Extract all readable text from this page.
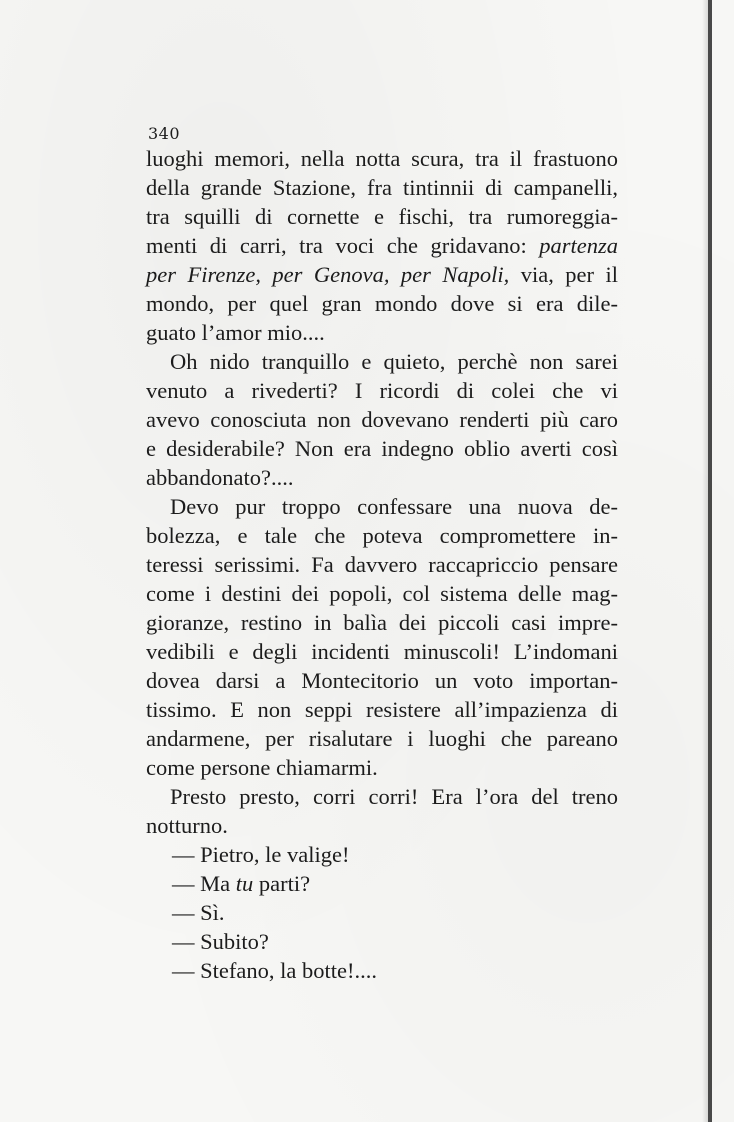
340
luoghi memori, nella notta scura, tra il frastuono
della grande Stazione, fra tintinnii di campanelli,
tra squilli di cornette e fischi, tra rumoreggia-
menti di carri, tra voci che gridavano: partenza
per Firenze, per Genova, per Napoli, via, per il
mondo, per quel gran mondo dove si era dile-
guato l’amor mio....
Oh nido tranquillo e quieto, perchè non sarei
venuto a rivederti? I ricordi di colei che vi
avevo conosciuta non dovevano renderti più caro
e desiderabile? Non era indegno oblio averti così
abbandonato?....
Devo pur troppo confessare una nuova de-
bolezza, e tale che poteva compromettere in-
teressi serissimi. Fa davvero raccapriccio pensare
come i destini dei popoli, col sistema delle mag-
gioranze, restino in balìa dei piccoli casi impre-
vedibili e degli incidenti minuscoli! L’indomani
dovea darsi a Montecitorio un voto importan-
tissimo. E non seppi resistere all’impazienza di
andarmene, per risalutare i luoghi che pareano
come persone chiamarmi.
Presto presto, corri corri! Era l’ora del treno
notturno.
— Pietro, le valige!
— Ma tu parti?
— Sì.
— Subito?
— Stefano, la botte!....
